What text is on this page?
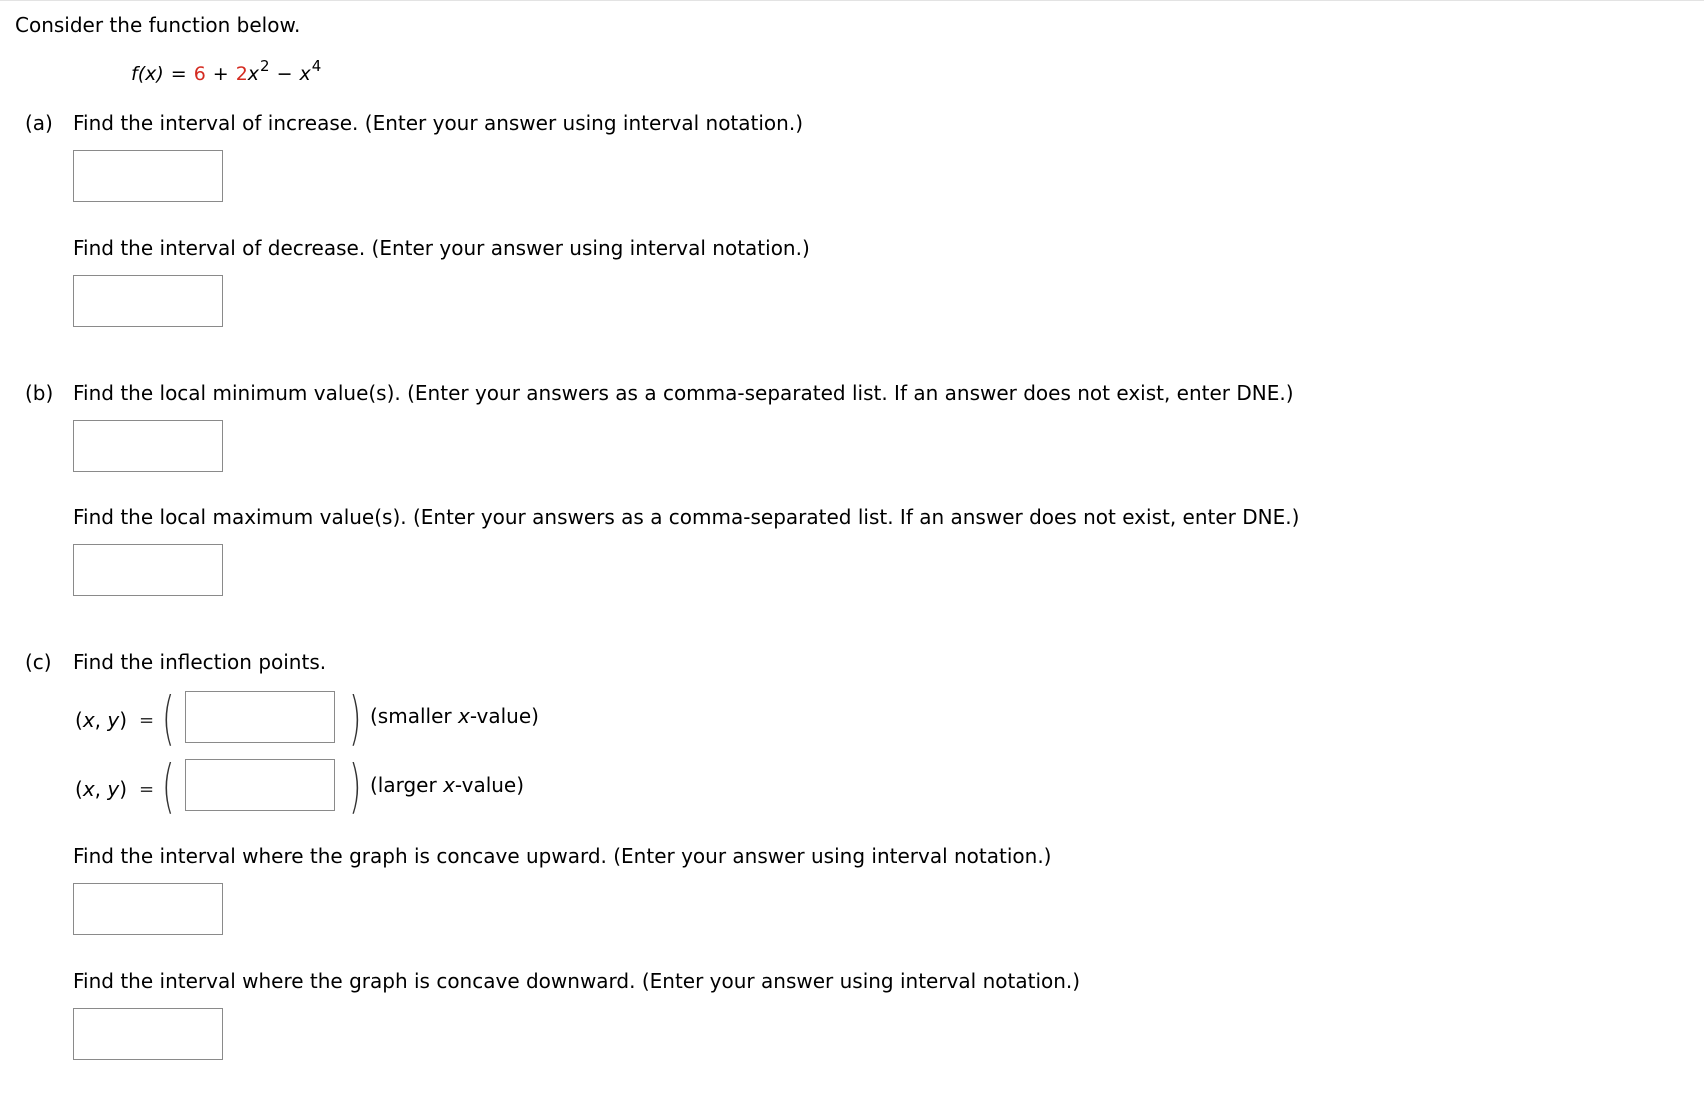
Consider the function below.
$f(x) = 6 + 2x^2 - x^4$
(a) Find the interval of increase. (Enter your answer using interval notation.)
Find the interval of decrease. (Enter your answer using interval notation.)
(b) Find the local minimum value(s). (Enter your answers as a comma-separated list. If an answer does not exist, enter DNE.)
Find the local maximum value(s). (Enter your answers as a comma-separated list. If an answer does not exist, enter DNE.)
(c) Find the inflection points.
(x, y) = (	) (smaller x-value)
(x, y) = (	) (larger x-value)
Find the interval where the graph is concave upward. (Enter your answer using interval notation.)
Find the interval where the graph is concave downward. (Enter your answer using interval notation.)
